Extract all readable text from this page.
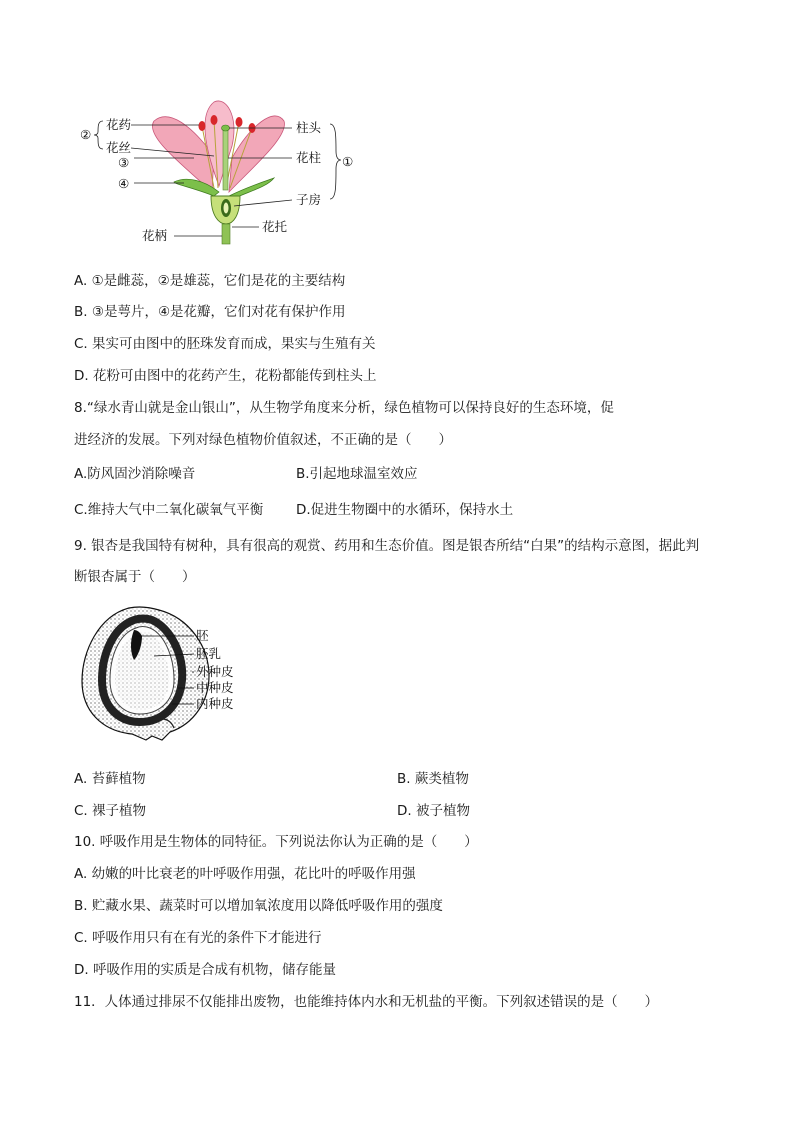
②
花药
花丝
③
④
柱头
花柱 ①
子房
花托
花柄
A. ①是雌蕊，②是雄蕊，它们是花的主要结构
B. ③是萼片，④是花瓣，它们对花有保护作用
C. 果实可由图中的胚珠发育而成，果实与生殖有关
D. 花粉可由图中的花药产生，花粉都能传到柱头上
8.“绿水青山就是金山银山”，从生物学角度来分析，绿色植物可以保持良好的生态环境，促
进经济的发展。下列对绿色植物价值叙述，不正确的是（　　）
A.防风固沙消除噪音	B.引起地球温室效应
C.维持大气中二氧化碳氧气平衡 D.促进生物圈中的水循环，保持水土
9. 银杏是我国特有树种，具有很高的观赏、药用和生态价值。图是银杏所结“白果”的结构示意图，据此判
断银杏属于（　　）
胚
胚乳
外种皮
中种皮
内种皮
A. 苔藓植物	B. 蕨类植物
C. 裸子植物	D. 被子植物
10. 呼吸作用是生物体的同特征。下列说法你认为正确的是（　　）
A. 幼嫩的叶比衰老的叶呼吸作用强，花比叶的呼吸作用强
B. 贮藏水果、蔬菜时可以增加氧浓度用以降低呼吸作用的强度
C. 呼吸作用只有在有光的条件下才能进行
D. 呼吸作用的实质是合成有机物，储存能量
11．人体通过排尿不仅能排出废物，也能维持体内水和无机盐的平衡。下列叙述错误的是（　　）
